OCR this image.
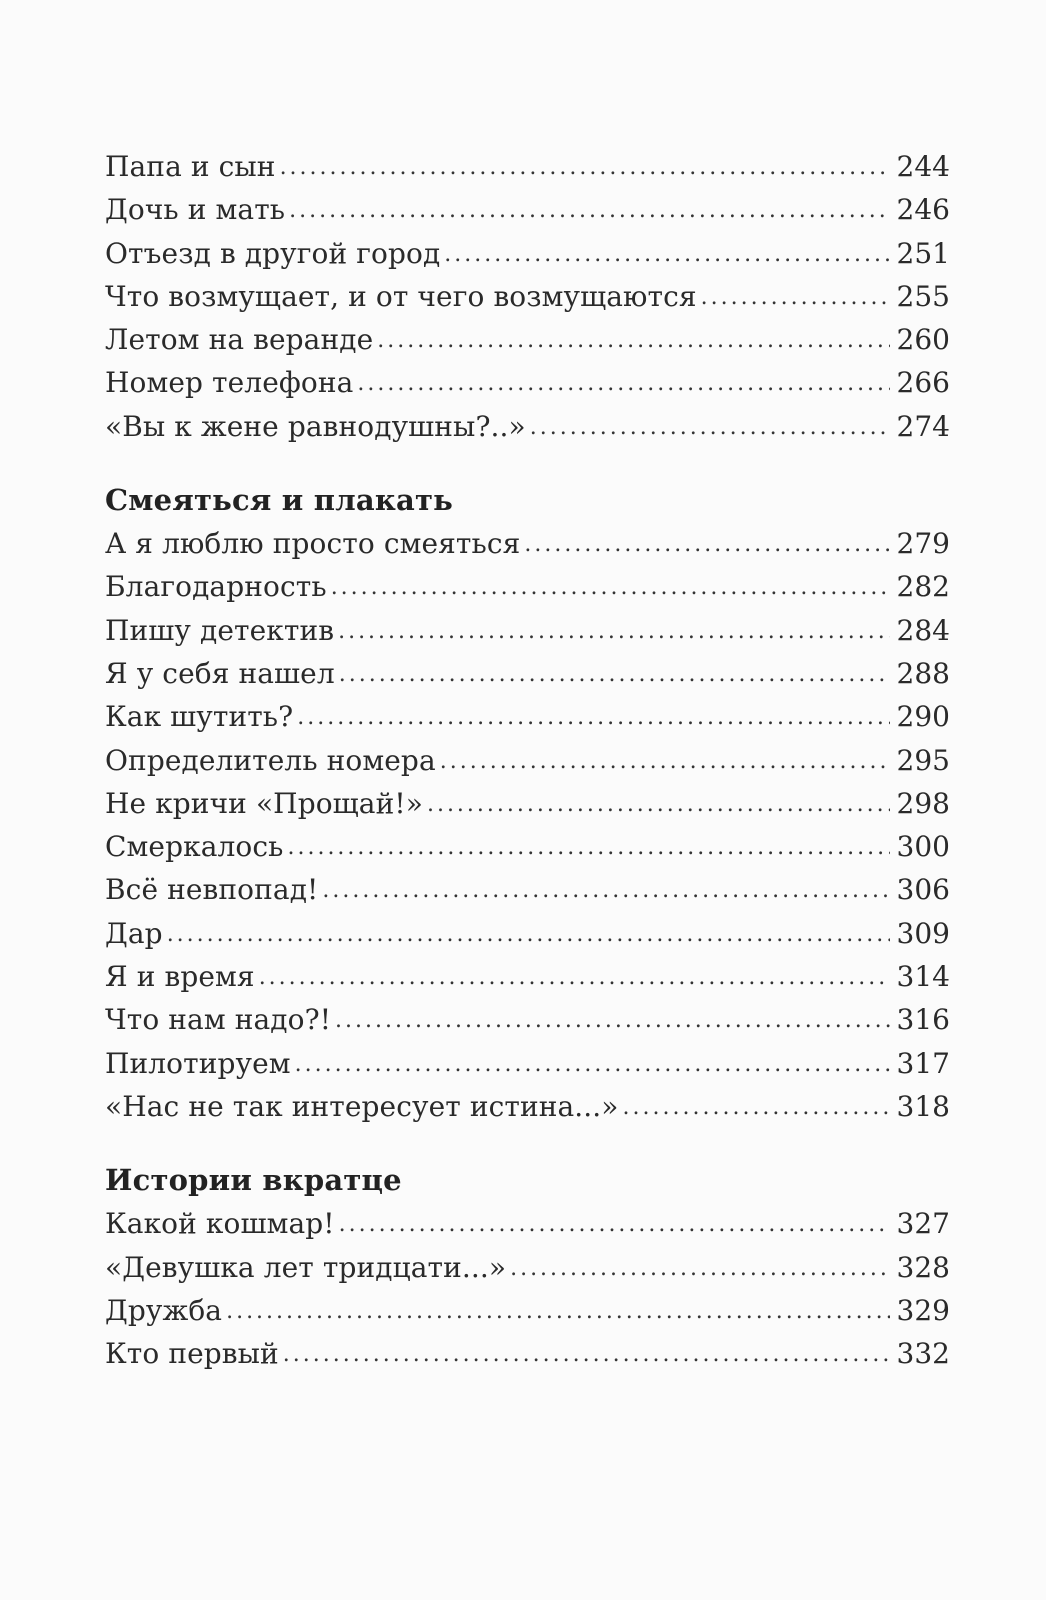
Папа и сын .....	244
Дочь и мать .....	246
Отъезд в другой город .....	251
Что возмущает, и от чего возмущаются .....	255
Летом на веранде .....	260
Номер телефона .....	266
«Вы к жене равнодушны?..» .....	274
Смеяться и плакать
А я люблю просто смеяться .....	279
Благодарность .....	282
Пишу детектив .....	284
Я у себя нашел .....	288
Как шутить? .....	290
Определитель номера .....	295
Не кричи «Прощай!» .....	298
Смеркалось .....	300
Всё невпопад! .....	306
Дар .....	309
Я и время .....	314
Что нам надо?! .....	316
Пилотируем .....	317
«Нас не так интересует истина...» .....	318
Истории вкратце
Какой кошмар! .....	327
«Девушка лет тридцати...» .....	328
Дружба .....	329
Кто первый .....	332
